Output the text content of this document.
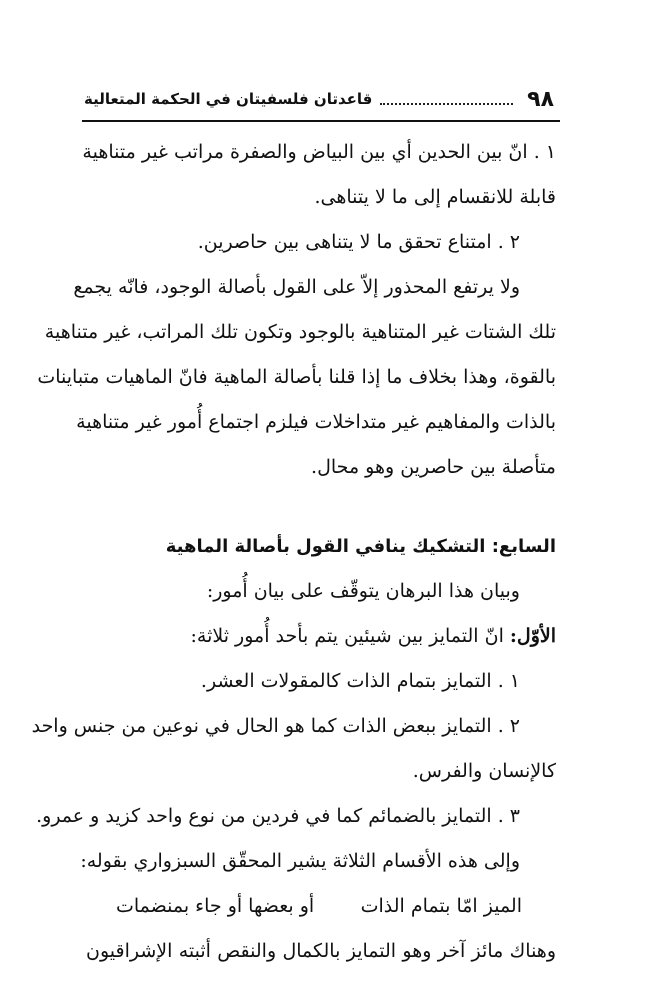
٩٨
قاعدتان فلسفيتان في الحكمة المتعالية
١ . انّ بين الحدين أي بين البياض والصفرة مراتب غير متناهية
قابلة للانقسام إلى ما لا يتناهى.
٢ . امتناع تحقق ما لا يتناهى بين حاصرين.
ولا يرتفع المحذور إلاّ على القول بأصالة الوجود، فانّه يجمع
تلك الشتات غير المتناهية بالوجود وتكون تلك المراتب، غير متناهية
بالقوة، وهذا بخلاف ما إذا قلنا بأصالة الماهية فانّ الماهيات متباينات
بالذات والمفاهيم غير متداخلات فيلزم اجتماع أُمور غير متناهية
متأصلة بين حاصرين وهو محال.
السابع: التشكيك ينافي القول بأصالة الماهية
وبيان هذا البرهان يتوقّف على بيان أُمور:
الأوّل: انّ التمايز بين شيئين يتم بأحد أُمور ثلاثة:
١ . التمايز بتمام الذات كالمقولات العشر.
٢ . التمايز ببعض الذات كما هو الحال في نوعين من جنس واحد
كالإنسان والفرس.
٣ . التمايز بالضمائم كما في فردين من نوع واحد كزيد و عمرو.
وإلى هذه الأقسام الثلاثة يشير المحقّق السبزواري بقوله:
الميز امّا بتمام الذات
أو بعضها أو جاء بمنضمات
وهناك مائز آخر وهو التمايز بالكمال والنقص أثبته الإشراقيون
